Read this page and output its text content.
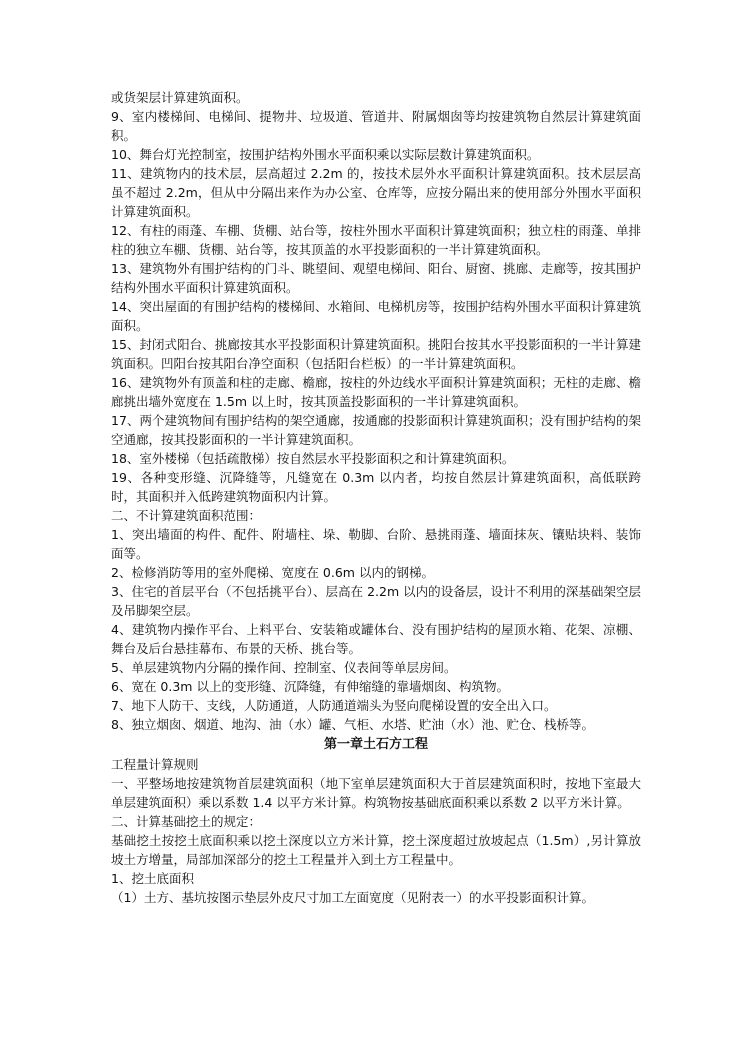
或货架层计算建筑面积。

9、室内楼梯间、电梯间、提物井、垃圾道、管道井、附属烟囱等均按建筑物自然层计算建筑面积。

10、舞台灯光控制室，按围护结构外围水平面积乘以实际层数计算建筑面积。

11、建筑物内的技术层，层高超过 2.2m 的，按技术层外水平面积计算建筑面积。技术层层高虽不超过 2.2m，但从中分隔出来作为办公室、仓库等，应按分隔出来的使用部分外围水平面积计算建筑面积。

12、有柱的雨蓬、车棚、货棚、站台等，按柱外围水平面积计算建筑面积；独立柱的雨蓬、单排柱的独立车棚、货棚、站台等，按其顶盖的水平投影面积的一半计算建筑面积。

13、建筑物外有围护结构的门斗、眺望间、观望电梯间、阳台、厨窗、挑廊、走廊等，按其围护结构外围水平面积计算建筑面积。

14、突出屋面的有围护结构的楼梯间、水箱间、电梯机房等，按围护结构外围水平面积计算建筑面积。

15、封闭式阳台、挑廊按其水平投影面积计算建筑面积。挑阳台按其水平投影面积的一半计算建筑面积。凹阳台按其阳台净空面积（包括阳台栏板）的一半计算建筑面积。

16、建筑物外有顶盖和柱的走廊、檐廊，按柱的外边线水平面积计算建筑面积；无柱的走廊、檐廊挑出墙外宽度在 1.5m 以上时，按其顶盖投影面积的一半计算建筑面积。

17、两个建筑物间有围护结构的架空通廊，按通廊的投影面积计算建筑面积；没有围护结构的架空通廊，按其投影面积的一半计算建筑面积。

18、室外楼梯（包括疏散梯）按自然层水平投影面积之和计算建筑面积。

19、各种变形缝、沉降缝等，凡缝宽在 0.3m 以内者，均按自然层计算建筑面积，高低联跨时，其面积并入低跨建筑物面积内计算。

二、不计算建筑面积范围：

1、突出墙面的构件、配件、附墙柱、垛、勒脚、台阶、悬挑雨蓬、墙面抹灰、镶贴块料、装饰面等。

2、检修消防等用的室外爬梯、宽度在 0.6m 以内的钢梯。

3、住宅的首层平台（不包括挑平台）、层高在 2.2m 以内的设备层，设计不利用的深基础架空层及吊脚架空层。

4、建筑物内操作平台、上料平台、安装箱或罐体台、没有围护结构的屋顶水箱、花架、凉棚、舞台及后台悬挂幕布、布景的天桥、挑台等。

5、单层建筑物内分隔的操作间、控制室、仪表间等单层房间。

6、宽在 0.3m 以上的变形缝、沉降缝，有伸缩缝的靠墙烟囱、构筑物。

7、地下人防干、支线，人防通道，人防通道端头为竖向爬梯设置的安全出入口。

8、独立烟囱、烟道、地沟、油（水）罐、气柜、水塔、贮油（水）池、贮仓、栈桥等。

第一章土石方工程

工程量计算规则

一、平整场地按建筑物首层建筑面积（地下室单层建筑面积大于首层建筑面积时，按地下室最大单层建筑面积）乘以系数 1.4 以平方米计算。构筑物按基础底面积乘以系数 2 以平方米计算。

二、计算基础挖土的规定：

基础挖土按挖土底面积乘以挖土深度以立方米计算，挖土深度超过放坡起点（1.5m）,另计算放坡土方增量，局部加深部分的挖土工程量并入到土方工程量中。

1、挖土底面积

（1）土方、基坑按图示垫层外皮尺寸加工左面宽度（见附表一）的水平投影面积计算。
